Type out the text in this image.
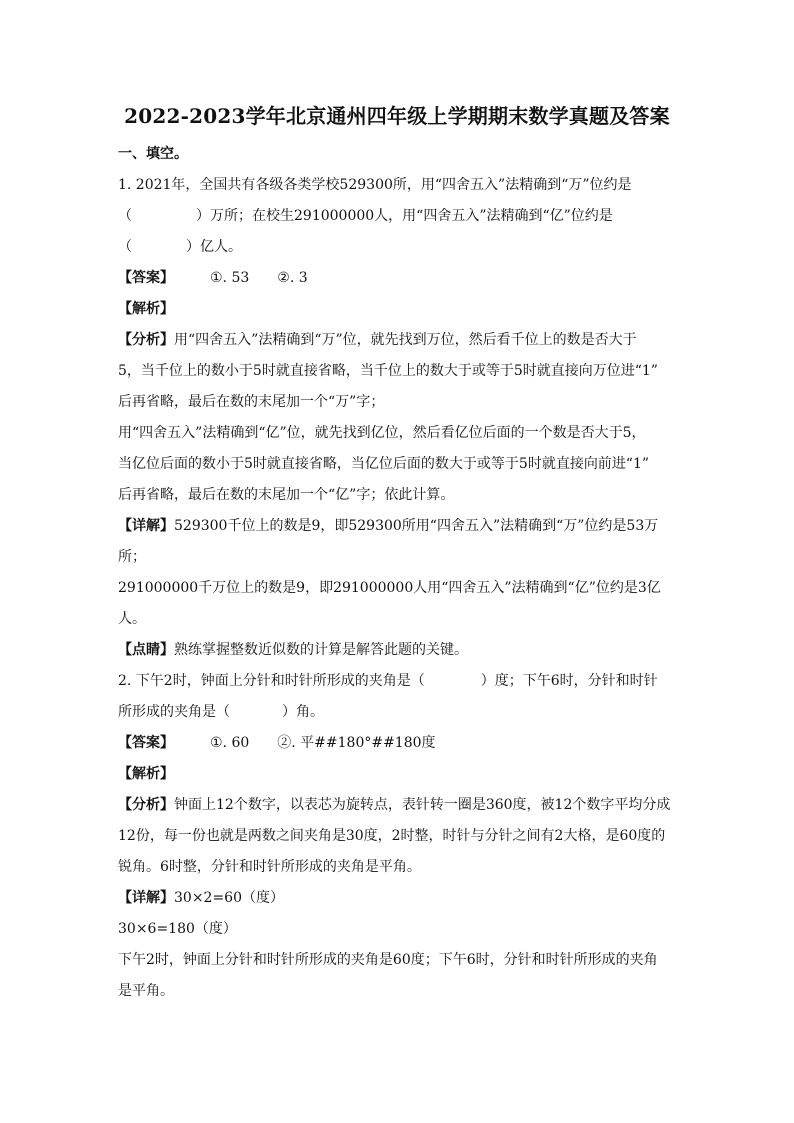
2022-2023学年北京通州四年级上学期期末数学真题及答案

一、填空。

1. 2021年，全国共有各级各类学校529300所，用“四舍五入”法精确到“万”位约是

（	）万所；在校生291000000人，用“四舍五入”法精确到“亿”位约是

（	）亿人。

【答案】	①. 53 ②. 3

【解析】

【分析】用“四舍五入”法精确到“万”位，就先找到万位，然后看千位上的数是否大于

5，当千位上的数小于5时就直接省略，当千位上的数大于或等于5时就直接向万位进“1”

后再省略，最后在数的末尾加一个“万”字；

用“四舍五入”法精确到“亿”位，就先找到亿位，然后看亿位后面的一个数是否大于5，

当亿位后面的数小于5时就直接省略，当亿位后面的数大于或等于5时就直接向前进“1”

后再省略，最后在数的末尾加一个“亿”字；依此计算。

【详解】529300千位上的数是9，即529300所用“四舍五入”法精确到“万”位约是53万

所；

291000000千万位上的数是9，即291000000人用“四舍五入”法精确到“亿”位约是3亿

人。

【点睛】熟练掌握整数近似数的计算是解答此题的关键。

2. 下午2时，钟面上分针和时针所形成的夹角是（	）度；下午6时，分针和时针

所形成的夹角是（	）角。

【答案】	①. 60 ②. 平##180°##180度

【解析】

【分析】钟面上12个数字，以表芯为旋转点，表针转一圈是360度，被12个数字平均分成

12份，每一份也就是两数之间夹角是30度，2时整，时针与分针之间有2大格，是60度的

锐角。6时整，分针和时针所形成的夹角是平角。

【详解】30×2=60（度）

30×6=180（度）

下午2时，钟面上分针和时针所形成的夹角是60度；下午6时，分针和时针所形成的夹角

是平角。
